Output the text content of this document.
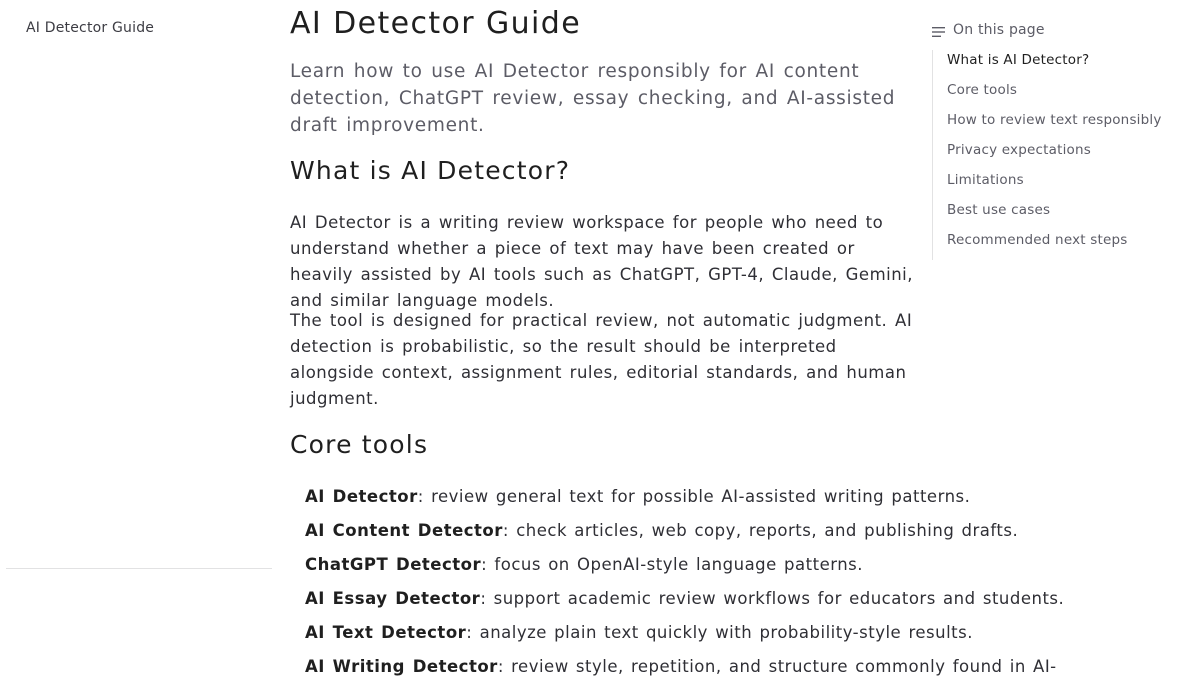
AI Detector Guide	AI Detector Guide

Learn how to use AI Detector responsibly for AI content detection, ChatGPT review, essay checking, and AI-assisted draft improvement.

What is AI Detector?

AI Detector is a writing review workspace for people who need to understand whether a piece of text may have been created or heavily assisted by AI tools such as ChatGPT, GPT-4, Claude, Gemini, and similar language models.

The tool is designed for practical review, not automatic judgment. AI detection is probabilistic, so the result should be interpreted alongside context, assignment rules, editorial standards, and human judgment.

Core tools
AI Detector: review general text for possible AI-assisted writing patterns.
AI Content Detector: check articles, web copy, reports, and publishing drafts.
ChatGPT Detector: focus on OpenAI-style language patterns.
AI Essay Detector: support academic review workflows for educators and students.
AI Text Detector: analyze plain text quickly with probability-style results.
AI Writing Detector: review style, repetition, and structure commonly found in AI-
On this page
What is AI Detector?
Core tools
How to review text responsibly
Privacy expectations
Limitations
Best use cases
Recommended next steps
